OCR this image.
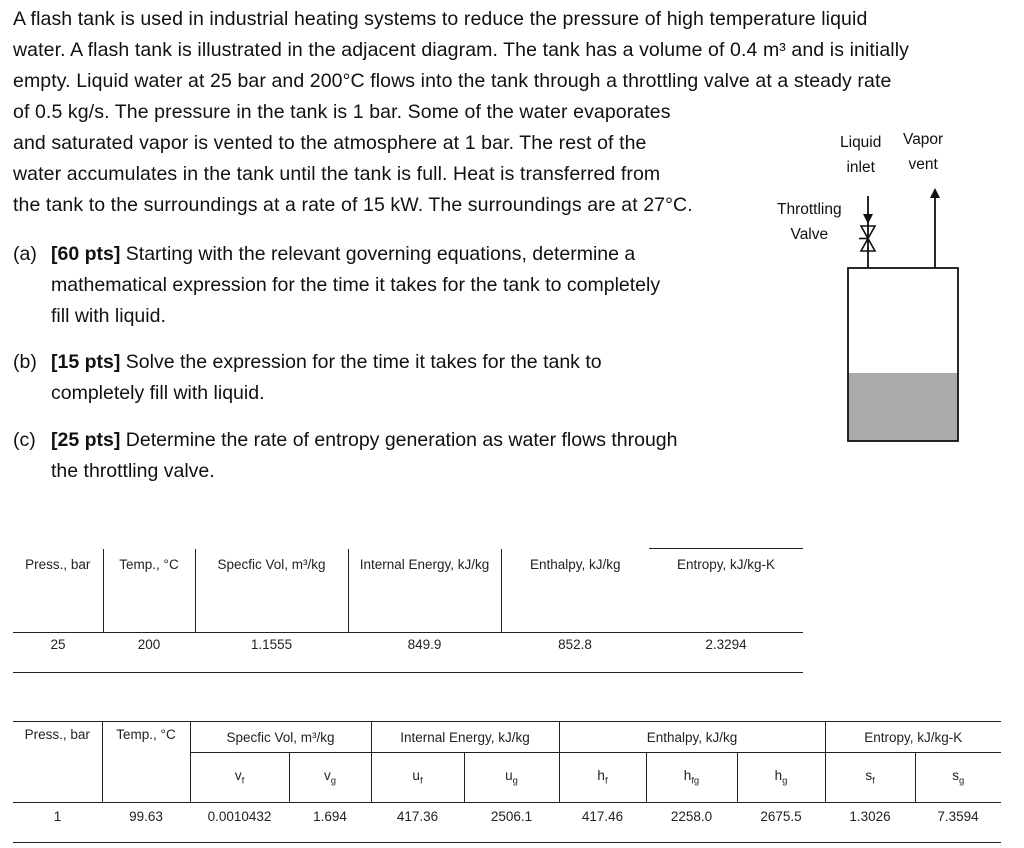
A flash tank is used in industrial heating systems to reduce the pressure of high temperature liquid
water. A flash tank is illustrated in the adjacent diagram. The tank has a volume of 0.4 m³ and is initially
empty. Liquid water at 25 bar and 200°C flows into the tank through a throttling valve at a steady rate
of 0.5 kg/s. The pressure in the tank is 1 bar. Some of the water evaporates
and saturated vapor is vented to the atmosphere at 1 bar. The rest of the
water accumulates in the tank until the tank is full. Heat is transferred from
the tank to the surroundings at a rate of 15 kW. The surroundings are at 27°C.
(a) [60 pts] Starting with the relevant governing equations, determine a
mathematical expression for the time it takes for the tank to completely
fill with liquid.
(b) [15 pts] Solve the expression for the time it takes for the tank to
completely fill with liquid.
(c) [25 pts] Determine the rate of entropy generation as water flows through
the throttling valve.
Liquid
inlet
Vapor
vent
Throttling
Valve
Press., bar	Temp., °C	Specfic Vol, m³/kg	Internal Energy, kJ/kg	Enthalpy, kJ/kg	Entropy, kJ/kg-K
25	200	1.1555	849.9	852.8	2.3294
Press., bar	Temp., °C	Specfic Vol, m³/kg		Internal Energy, kJ/kg		Enthalpy, kJ/kg			Entropy, kJ/kg-K	
		$v_f$	$v_g$	$u_f$	$u_g$	$h_f$	$h_{fg}$	$h_g$	$s_f$	$s_g$
1	99.63	0.0010432	1.694	417.36	2506.1	417.46	2258.0	2675.5	1.3026	7.3594
